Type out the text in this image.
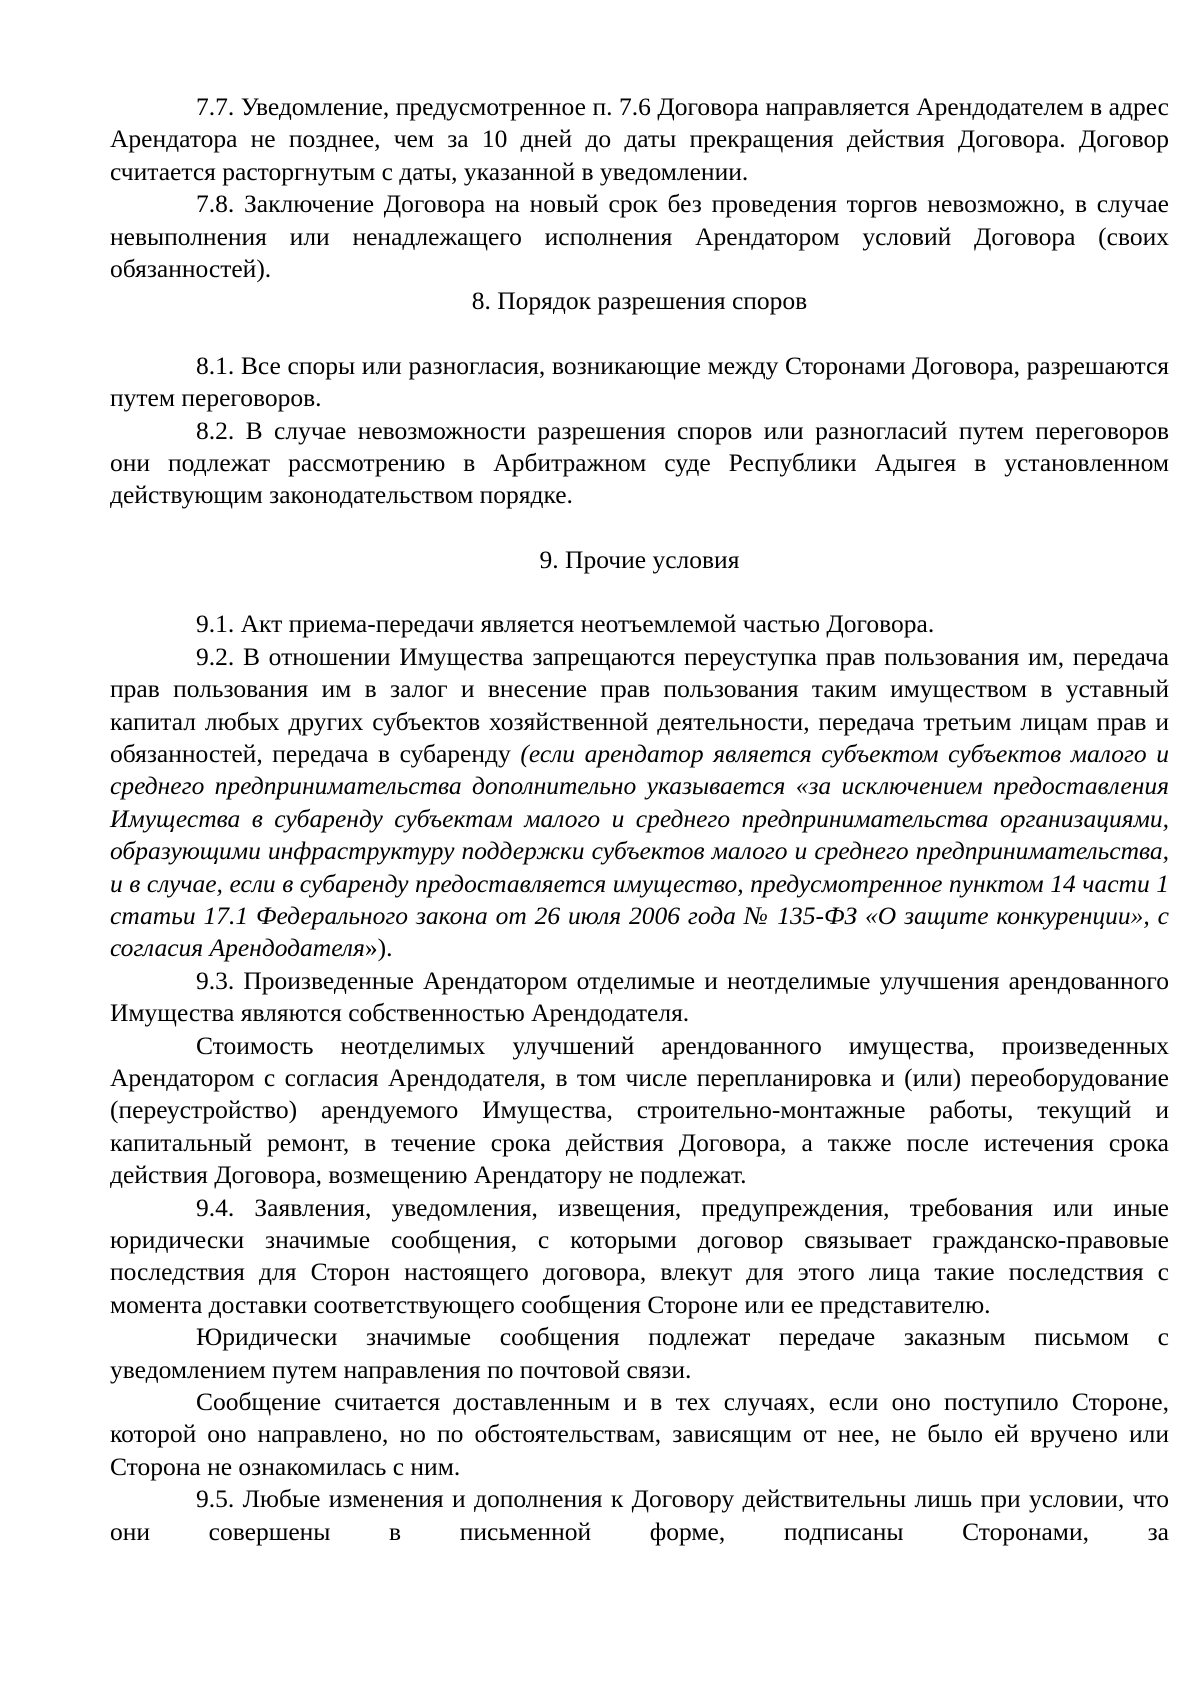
7.7. Уведомление, предусмотренное п. 7.6 Договора направляется Арендодателем в адрес Арендатора не позднее, чем за 10 дней до даты прекращения действия Договора. Договор считается расторгнутым с даты, указанной в уведомлении.

7.8. Заключение Договора на новый срок без проведения торгов невозможно, в случае невыполнения или ненадлежащего исполнения Арендатором условий Договора (своих обязанностей).

8. Порядок разрешения споров

8.1. Все споры или разногласия, возникающие между Сторонами Договора, разрешаются путем переговоров.

8.2. В случае невозможности разрешения споров или разногласий путем переговоров они подлежат рассмотрению в Арбитражном суде Республики Адыгея в установленном действующим законодательством порядке.

9. Прочие условия

9.1. Акт приема-передачи является неотъемлемой частью Договора.

9.2. В отношении Имущества запрещаются переуступка прав пользования им, передача прав пользования им в залог и внесение прав пользования таким имуществом в уставный капитал любых других субъектов хозяйственной деятельности, передача третьим лицам прав и обязанностей, передача в субаренду (если арендатор является субъектом субъектов малого и среднего предпринимательства дополнительно указывается «за исключением предоставления Имущества в субаренду субъектам малого и среднего предпринимательства организациями, образующими инфраструктуру поддержки субъектов малого и среднего предпринимательства, и в случае, если в субаренду предоставляется имущество, предусмотренное пунктом 14 части 1 статьи 17.1 Федерального закона от 26 июля 2006 года № 135-ФЗ «О защите конкуренции», с согласия Арендодателя»).

9.3. Произведенные Арендатором отделимые и неотделимые улучшения арендованного Имущества являются собственностью Арендодателя.

Стоимость неотделимых улучшений арендованного имущества, произведенных Арендатором с согласия Арендодателя, в том числе перепланировка и (или) переоборудование (переустройство) арендуемого Имущества, строительно-монтажные работы, текущий и капитальный ремонт, в течение срока действия Договора, а также после истечения срока действия Договора, возмещению Арендатору не подлежат.

9.4. Заявления, уведомления, извещения, предупреждения, требования или иные юридически значимые сообщения, с которыми договор связывает гражданско-правовые последствия для Сторон настоящего договора, влекут для этого лица такие последствия с момента доставки соответствующего сообщения Стороне или ее представителю.

Юридически значимые сообщения подлежат передаче заказным письмом с уведомлением путем направления по почтовой связи.

Сообщение считается доставленным и в тех случаях, если оно поступило Стороне, которой оно направлено, но по обстоятельствам, зависящим от нее, не было ей вручено или Сторона не ознакомилась с ним.

9.5. Любые изменения и дополнения к Договору действительны лишь при условии, что они совершены в письменной форме, подписаны Сторонами, за
